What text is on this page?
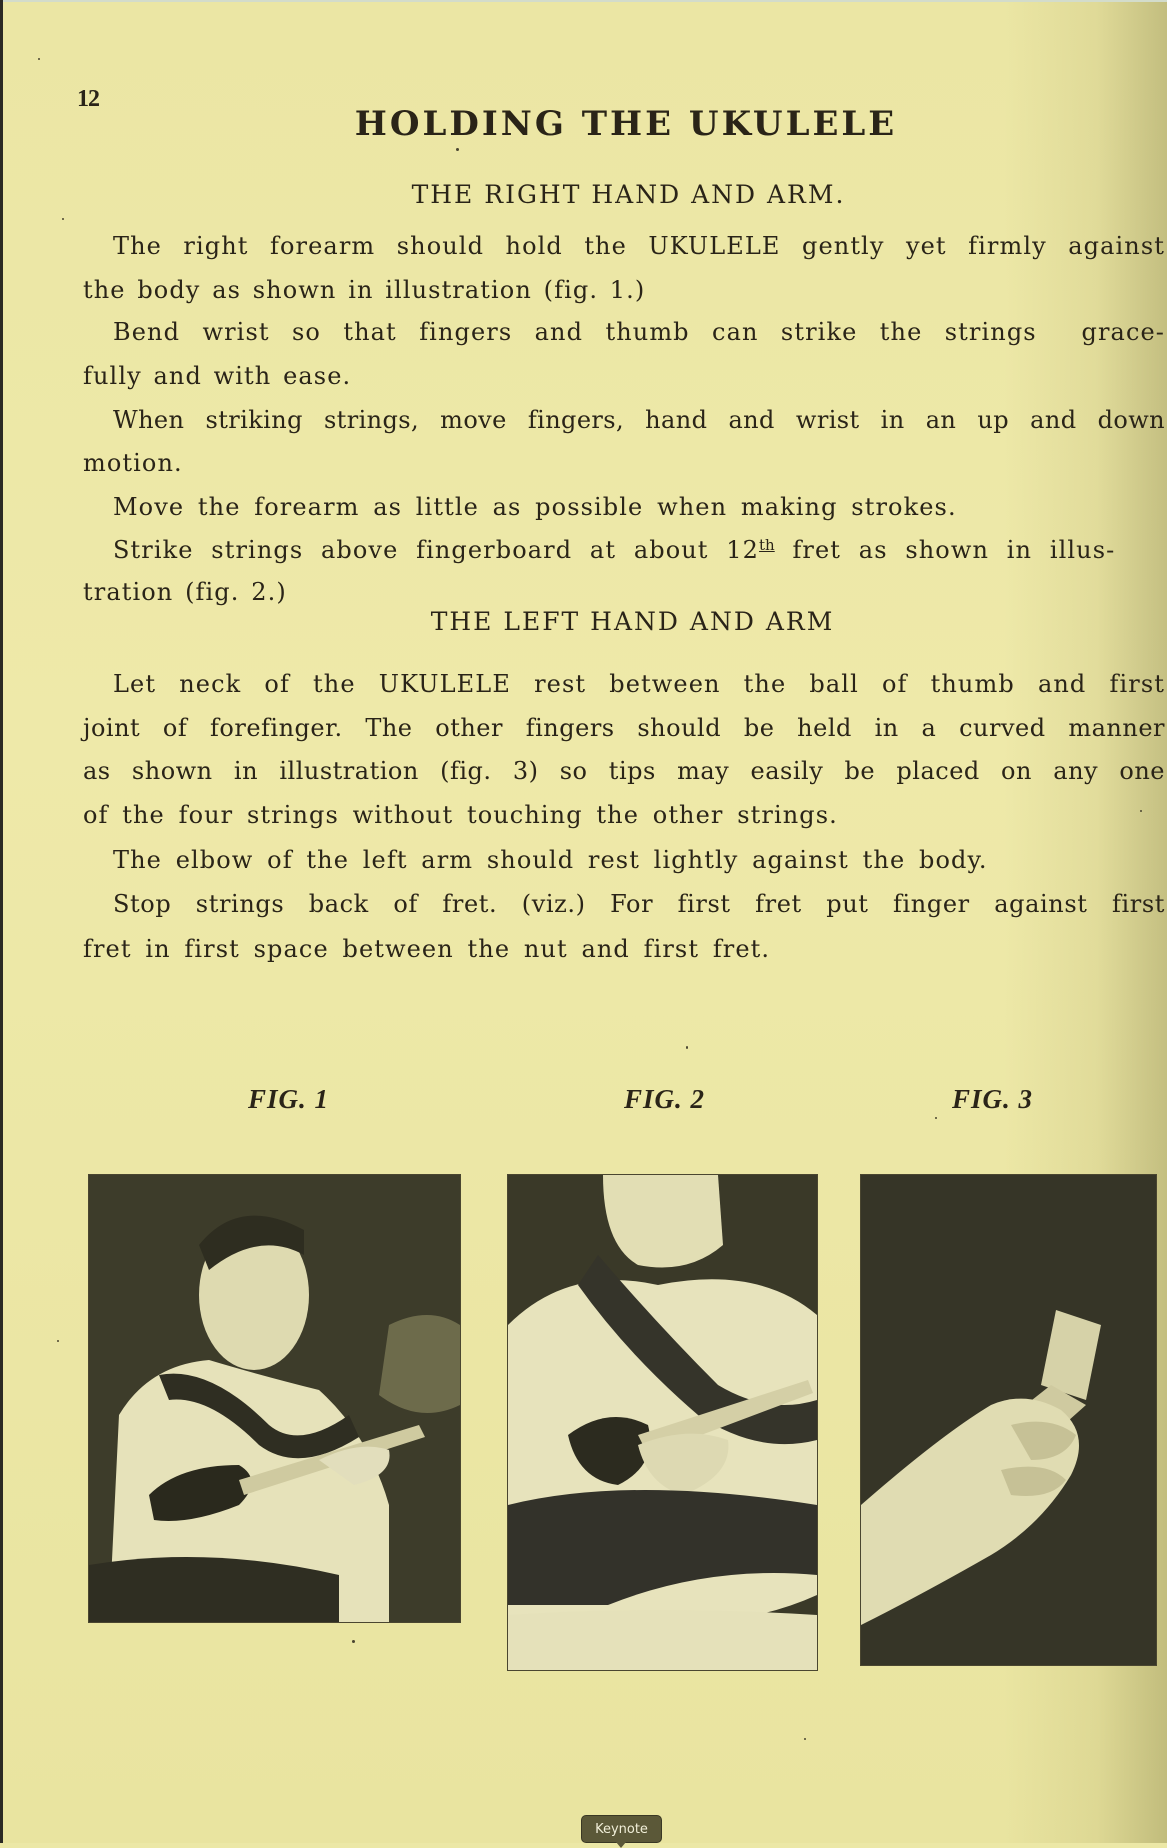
12
HOLDING THE UKULELE
THE RIGHT HAND AND ARM.
The right forearm should hold the UKULELE gently yet firmly against
the body as shown in illustration (fig. 1.)
Bend wrist so that fingers and thumb can strike the strings  grace-
fully and with ease.
When striking strings, move fingers, hand and wrist in an up and down
motion.
Move the forearm as little as possible when making strokes.
Strike strings above fingerboard at about 12 th fret as shown in illus-
tration (fig. 2.)
THE LEFT HAND AND ARM
Let neck of the UKULELE rest between the ball of thumb and first
joint of forefinger. The other fingers should be held in a curved manner
as shown in illustration (fig. 3) so tips may easily be placed on any one
of the four strings without touching the other strings.
The elbow of the left arm should rest lightly against the body.
Stop strings back of fret. (viz.) For first fret put finger against first
fret in first space between the nut and first fret.
FIG. 1	FIG. 2	FIG. 3
Keynote
